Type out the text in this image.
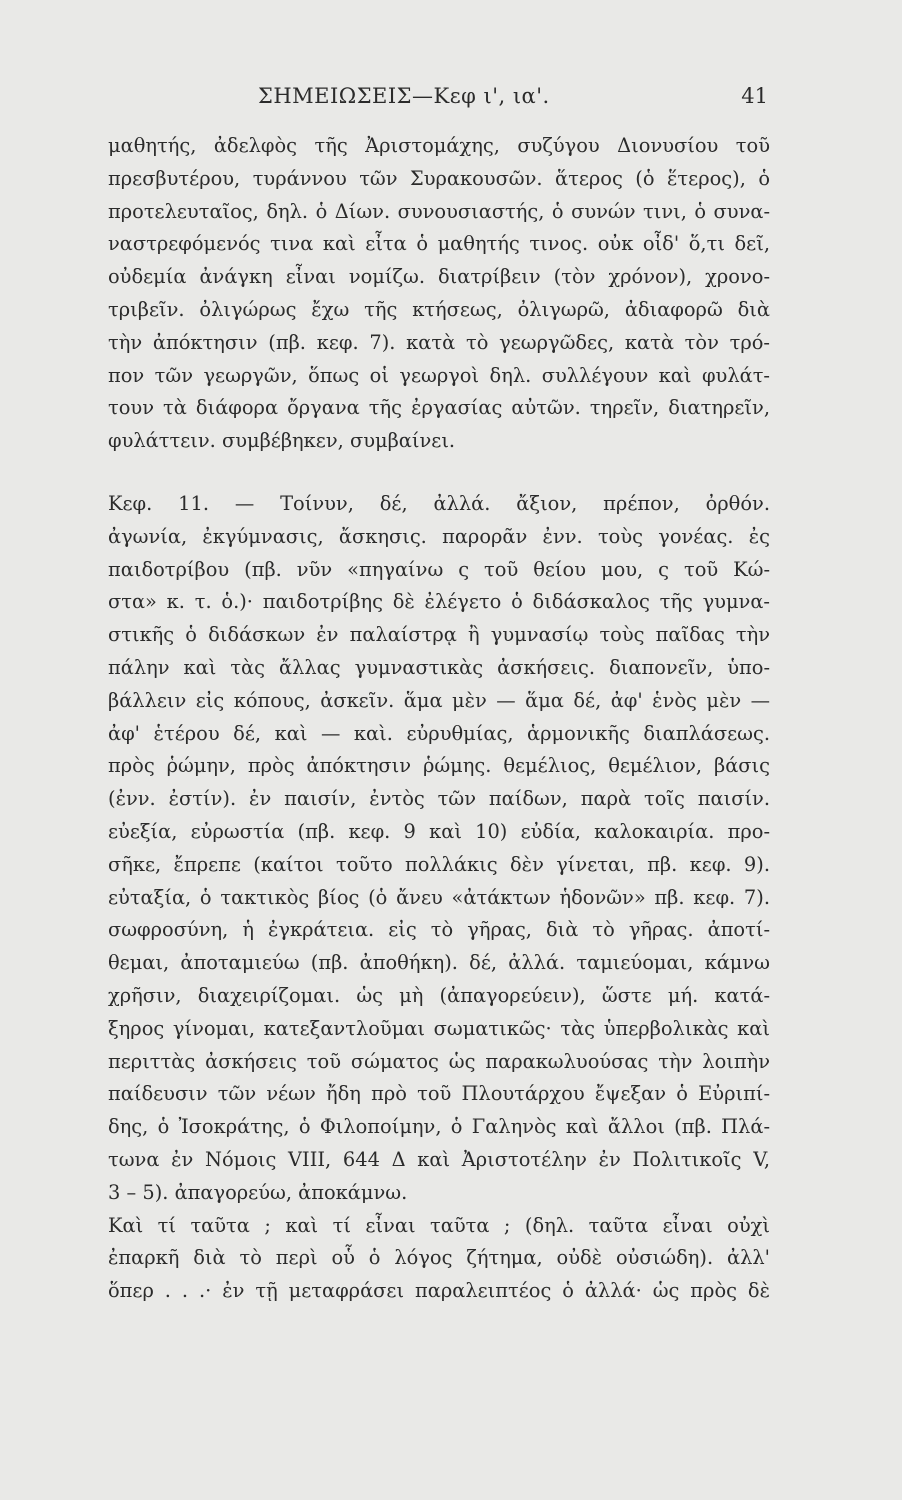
ΣΗΜΕΙΩΣΕΙΣ—Κεφ ι', ια'.	41
μαθητής, ἀδελφὸς τῆς Ἀριστομάχης, συζύγου Διονυσίου τοῦ
πρεσβυτέρου, τυράννου τῶν Συρακουσῶν. ἅτερος (ὁ ἕτερος), ὁ
προτελευταῖος, δηλ. ὁ Δίων. συνουσιαστής, ὁ συνών τινι, ὁ συνα-
ναστρεφόμενός τινα καὶ εἶτα ὁ μαθητής τινος. οὐκ οἶδ' ὅ,τι δεῖ,
οὐδεμία ἀνάγκη εἶναι νομίζω. διατρίβειν (τὸν χρόνον), χρονο-
τριβεῖν. ὀλιγώρως ἔχω τῆς κτήσεως, ὀλιγωρῶ, ἀδιαφορῶ διὰ
τὴν ἀπόκτησιν (πβ. κεφ. 7). κατὰ τὸ γεωργῶδες, κατὰ τὸν τρό-
πον τῶν γεωργῶν, ὅπως οἱ γεωργοὶ δηλ. συλλέγουν καὶ φυλάτ-
τουν τὰ διάφορα ὄργανα τῆς ἐργασίας αὐτῶν. τηρεῖν, διατηρεῖν,
φυλάττειν. συμβέβηκεν, συμβαίνει.
Κεφ. 11. — Τοίνυν, δέ, ἀλλά. ἄξιον, πρέπον, ὀρθόν.
ἀγωνία, ἐκγύμνασις, ἄσκησις. παρορᾶν ἐνν. τοὺς γονέας. ἐς
παιδοτρίβου (πβ. νῦν «πηγαίνω ς τοῦ θείου μου, ς τοῦ Κώ-
στα» κ. τ. ὁ.)· παιδοτρίβης δὲ ἐλέγετο ὁ διδάσκαλος τῆς γυμνα-
στικῆς ὁ διδάσκων ἐν παλαίστρᾳ ἢ γυμνασίῳ τοὺς παῖδας τὴν
πάλην καὶ τὰς ἄλλας γυμναστικὰς ἀσκήσεις. διαπονεῖν, ὑπο-
βάλλειν εἰς κόπους, ἀσκεῖν. ἅμα μὲν — ἅμα δέ, ἀφ' ἑνὸς μὲν —
ἀφ' ἑτέρου δέ, καὶ — καὶ. εὐρυθμίας, ἁρμονικῆς διαπλάσεως.
πρὸς ῥώμην, πρὸς ἀπόκτησιν ῥώμης. θεμέλιος, θεμέλιον, βάσις
(ἐνν. ἐστίν). ἐν παισίν, ἐντὸς τῶν παίδων, παρὰ τοῖς παισίν.
εὐεξία, εὐρωστία (πβ. κεφ. 9 καὶ 10) εὐδία, καλοκαιρία. προ-
σῆκε, ἔπρεπε (καίτοι τοῦτο πολλάκις δὲν γίνεται, πβ. κεφ. 9).
εὐταξία, ὁ τακτικὸς βίος (ὁ ἄνευ «ἀτάκτων ἡδονῶν» πβ. κεφ. 7).
σωφροσύνη, ἡ ἐγκράτεια. εἰς τὸ γῆρας, διὰ τὸ γῆρας. ἀποτί-
θεμαι, ἀποταμιεύω (πβ. ἀποθήκη). δέ, ἀλλά. ταμιεύομαι, κάμνω
χρῆσιν, διαχειρίζομαι. ὡς μὴ (ἀπαγορεύειν), ὥστε μή. κατά-
ξηρος γίνομαι, κατεξαντλοῦμαι σωματικῶς· τὰς ὑπερβολικὰς καὶ
περιττὰς ἀσκήσεις τοῦ σώματος ὡς παρακωλυούσας τὴν λοιπὴν
παίδευσιν τῶν νέων ἤδη πρὸ τοῦ Πλουτάρχου ἔψεξαν ὁ Εὐριπί-
δης, ὁ Ἰσοκράτης, ὁ Φιλοποίμην, ὁ Γαληνὸς καὶ ἄλλοι (πβ. Πλά-
τωνα ἐν Νόμοις VIII, 644 Δ καὶ Ἀριστοτέλην ἐν Πολιτικοῖς V,
3 – 5). ἀπαγορεύω, ἀποκάμνω.
Καὶ τί ταῦτα ; καὶ τί εἶναι ταῦτα ; (δηλ. ταῦτα εἶναι οὐχὶ
ἐπαρκῆ διὰ τὸ περὶ οὗ ὁ λόγος ζήτημα, οὐδὲ οὐσιώδη). ἀλλ'
ὅπερ . . .· ἐν τῇ μεταφράσει παραλειπτέος ὁ ἀλλά· ὡς πρὸς δὲ
